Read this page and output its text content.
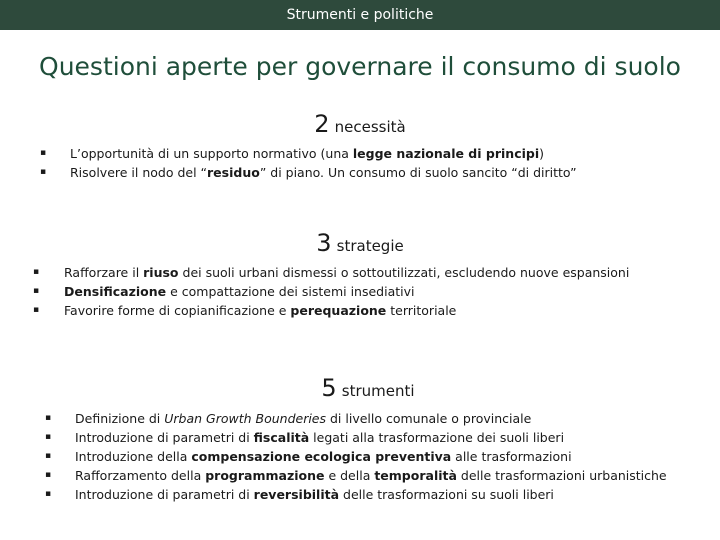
Strumenti e politiche
Questioni aperte per governare il consumo di suolo
2 necessità
▪ L’opportunità di un supporto normativo (una legge nazionale di principi)
▪ Risolvere il nodo del “residuo” di piano. Un consumo di suolo sancito “di diritto”
3 strategie
▪ Rafforzare il riuso dei suoli urbani dismessi o sottoutilizzati, escludendo nuove espansioni
▪ Densificazione e compattazione dei sistemi insediativi
▪ Favorire forme di copianificazione e perequazione territoriale
5 strumenti
▪ Definizione di Urban Growth Bounderies di livello comunale o provinciale
▪ Introduzione di parametri di fiscalità legati alla trasformazione dei suoli liberi
▪ Introduzione della compensazione ecologica preventiva alle trasformazioni
▪ Rafforzamento della programmazione e della temporalità delle trasformazioni urbanistiche
▪ Introduzione di parametri di reversibilità delle trasformazioni su suoli liberi
